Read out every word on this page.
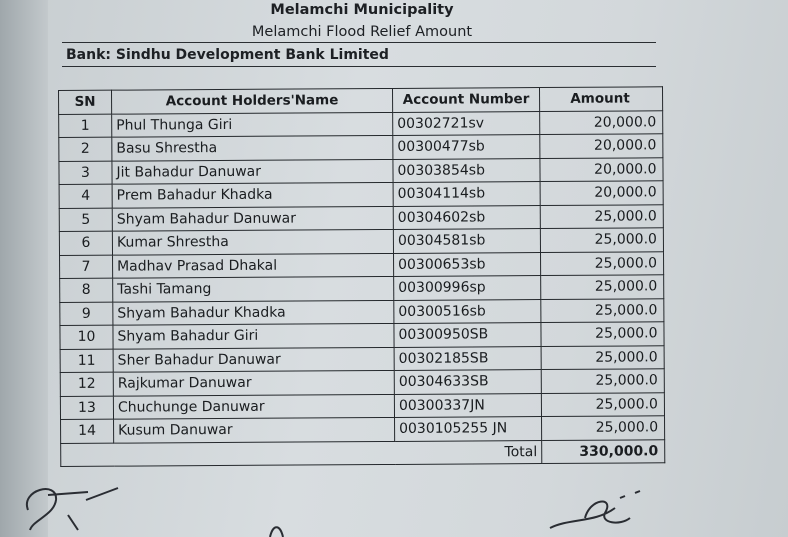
Melamchi Municipality
Melamchi Flood Relief Amount
Bank: Sindhu Development Bank Limited
SN	Account Holders'Name	Account Number	Amount
1	Phul Thunga Giri	00302721sv	20,000.0
2	Basu Shrestha	00300477sb	20,000.0
3	Jit Bahadur Danuwar	00303854sb	20,000.0
4	Prem Bahadur Khadka	00304114sb	20,000.0
5	Shyam Bahadur Danuwar	00304602sb	25,000.0
6	Kumar Shrestha	00304581sb	25,000.0
7	Madhav Prasad Dhakal	00300653sb	25,000.0
8	Tashi Tamang	00300996sp	25,000.0
9	Shyam Bahadur Khadka	00300516sb	25,000.0
10	Shyam Bahadur Giri	00300950SB	25,000.0
11	Sher Bahadur Danuwar	00302185SB	25,000.0
12	Rajkumar Danuwar	00304633SB	25,000.0
13	Chuchunge Danuwar	00300337JN	25,000.0
14	Kusum Danuwar	0030105255 JN	25,000.0
		Total	330,000.0
